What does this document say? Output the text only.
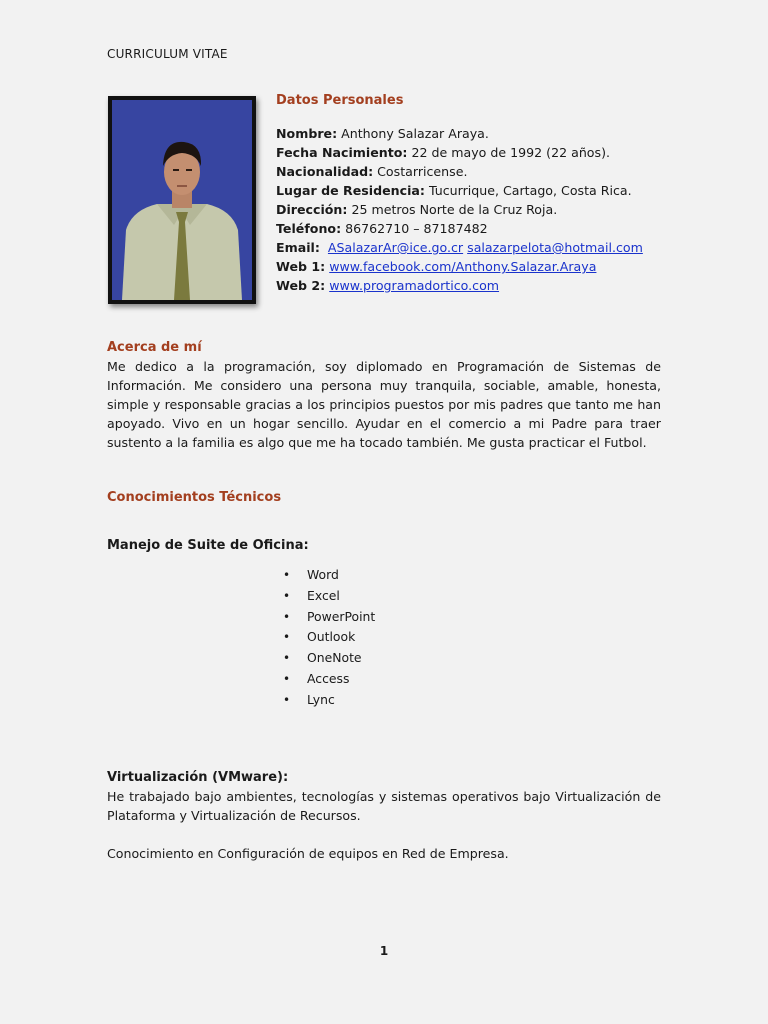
CURRICULUM VITAE
Datos Personales
Nombre: Anthony Salazar Araya.
Fecha Nacimiento: 22 de mayo de 1992 (22 años).
Nacionalidad: Costarricense.
Lugar de Residencia: Tucurrique, Cartago, Costa Rica.
Dirección: 25 metros Norte de la Cruz Roja.
Teléfono: 86762710 – 87187482
Email: ASalazarAr@ice.go.cr salazarpelota@hotmail.com
Web 1: www.facebook.com/Anthony.Salazar.Araya
Web 2: www.programadortico.com
Acerca de mí

Me dedico a la programación, soy diplomado en Programación de Sistemas de Información. Me considero una persona muy tranquila, sociable, amable, honesta, simple y responsable gracias a los principios puestos por mis padres que tanto me han apoyado. Vivo en un hogar sencillo. Ayudar en el comercio a mi Padre para traer sustento a la familia es algo que me ha tocado también. Me gusta practicar el Futbol.

Conocimientos Técnicos
Manejo de Suite de Oficina:
• Word
• Excel
• PowerPoint
• Outlook
• OneNote
• Access
• Lync
Virtualización (VMware):

He trabajado bajo ambientes, tecnologías y sistemas operativos bajo Virtualización de Plataforma y Virtualización de Recursos.

Conocimiento en Configuración de equipos en Red de Empresa.
1
